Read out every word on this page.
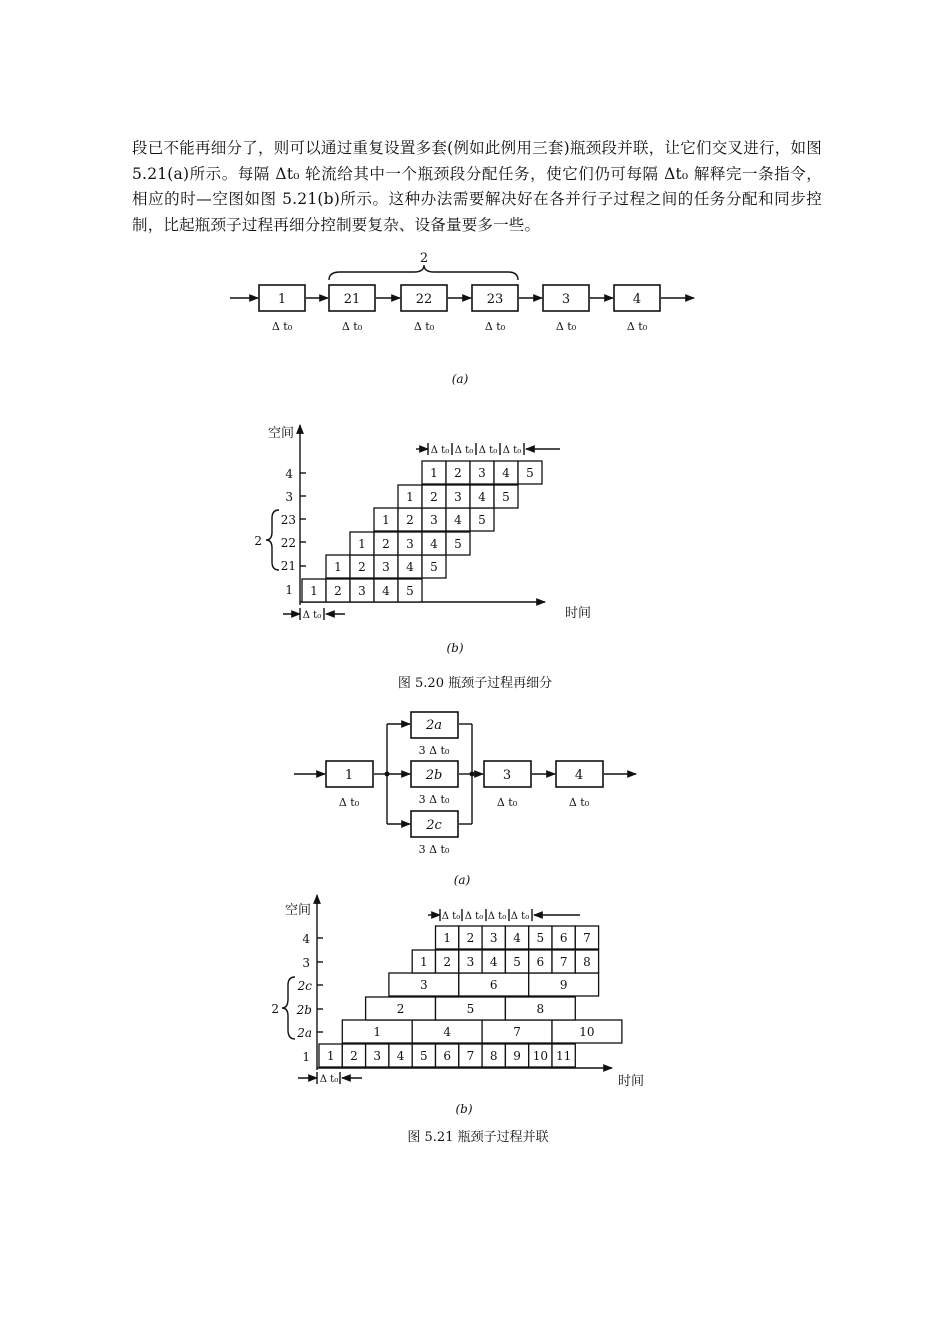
段已不能再细分了，则可以通过重复设置多套(例如此例用三套)瓶颈段并联，让它们交叉进行，如图 5.21(a)所示。每隔 Δt₀ 轮流给其中一个瓶颈段分配任务，使它们仍可每隔 Δt₀ 解释完一条指令，相应的时—空图如图 5.21(b)所示。这种办法需要解决好在各并行子过程之间的任务分配和同步控制，比起瓶颈子过程再细分控制要复杂、设备量要多一些。

1	21	22	23	3	4
Δ t₀	Δ t₀	Δ t₀	Δ t₀	Δ t₀	Δ t₀
2
(a)
空间
时间
4
3
23
22
21
1
2
1 2 3 4 5
1 2 3 4 5
1 2 3 4 5
1 2 3 4 5
1 2 3 4 5
1 2 3 4 5
Δ t₀ Δ t₀ Δ t₀ Δ t₀
Δ t₀
(b)
图 5.20 瓶颈子过程再细分
1
2a
2b
2c
3	4
Δ t₀
3 Δ t₀
3 Δ t₀
3 Δ t₀
Δ t₀	Δ t₀
(a)
空间
时间
4
3
2c
2b
2a
1
2
1 2 3 4 5 6 7 8 9 10 11
1	4	7	10
2	5	8
3	6	9
1 2 3 4 5 6 7 8
1 2 3 4 5 6 7
Δ t₀ Δ t₀ Δ t₀ Δ t₀
Δ t₀
(b)
图 5.21 瓶颈子过程并联
